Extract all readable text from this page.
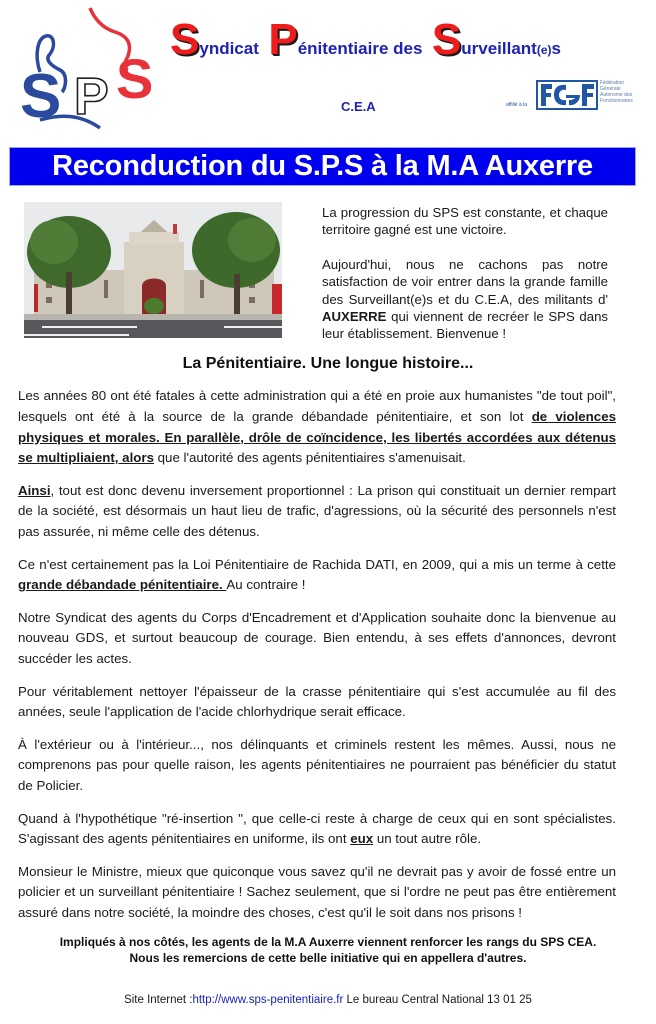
S P S
Syndicat Pénitentiaire des Surveillant(e)s
C.E.A	affilié à la
Fédération
Générale
Autonome des
Fonctionnaires
Reconduction du S.P.S à la M.A Auxerre

La progression du SPS est constante, et chaque territoire gagné est une victoire.

Aujourd'hui, nous ne cachons pas notre satisfaction de voir entrer dans la grande famille des Surveillant(e)s et du C.E.A, des militants d' AUXERRE qui viennent de recréer le SPS dans leur établissement. Bienvenue !

La Pénitentiaire. Une longue histoire...

Les années 80 ont été fatales à cette administration qui a été en proie aux humanistes "de tout poil", lesquels ont été à la source de la grande débandade pénitentiaire, et son lot de violences physiques et morales. En parallèle, drôle de coïncidence, les libertés accordées aux détenus se multipliaient, alors que l'autorité des agents pénitentiaires s'amenuisait.

Ainsi, tout est donc devenu inversement proportionnel : La prison qui constituait un dernier rempart de la société, est désormais un haut lieu de trafic, d'agressions, où la sécurité des personnels n'est pas assurée, ni même celle des détenus.

Ce n'est certainement pas la Loi Pénitentiaire de Rachida DATI, en 2009, qui a mis un terme à cette grande débandade pénitentiaire. Au contraire !

Notre Syndicat des agents du Corps d'Encadrement et d'Application souhaite donc la bienvenue au nouveau GDS, et surtout beaucoup de courage. Bien entendu, à ses effets d'annonces, devront succéder les actes.

Pour véritablement nettoyer l'épaisseur de la crasse pénitentiaire qui s'est accumulée au fil des années, seule l'application de l'acide chlorhydrique serait efficace.

À l'extérieur ou à l'intérieur..., nos délinquants et criminels restent les mêmes. Aussi, nous ne comprenons pas pour quelle raison, les agents pénitentiaires ne pourraient pas bénéficier du statut de Policier.

Quand à l'hypothétique "ré-insertion ", que celle-ci reste à charge de ceux qui en sont spécialistes. S'agissant des agents pénitentiaires en uniforme, ils ont eux un tout autre rôle.

Monsieur le Ministre, mieux que quiconque vous savez qu'il ne devrait pas y avoir de fossé entre un policier et un surveillant pénitentiaire ! Sachez seulement, que si l'ordre ne peut pas être entièrement assuré dans notre société, la moindre des choses, c'est qu'il le soit dans nos prisons !

Impliqués à nos côtés, les agents de la M.A Auxerre viennent renforcer les rangs du SPS CEA.
Nous les remercions de cette belle initiative qui en appellera d'autres.
Site Internet :http://www.sps-penitentiaire.fr Le bureau Central National 13 01 25
